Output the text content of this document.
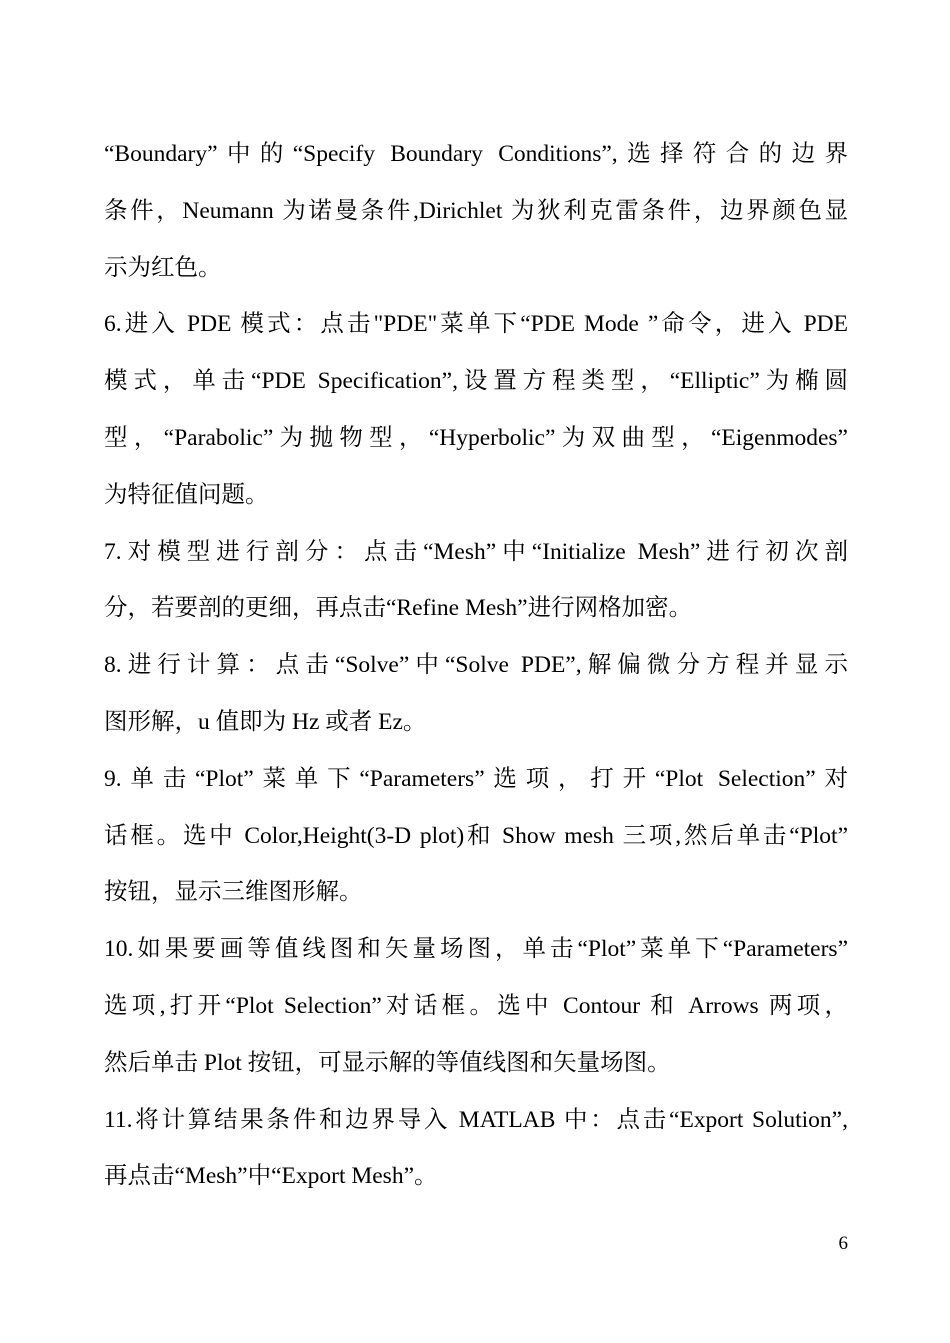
“Boundary”中的“Specify Boundary Conditions”,选择符合的边界
条件，Neumann 为诺曼条件,Dirichlet 为狄利克雷条件，边界颜色显
示为红色。
6.进入 PDE 模式：点击"PDE"菜单下“PDE Mode ”命令，进入 PDE
模式，单击“PDE Specification”,设置方程类型，“Elliptic”为椭圆
型，“Parabolic”为抛物型，“Hyperbolic”为双曲型，“Eigenmodes”
为特征值问题。
7.对模型进行剖分：点击“Mesh”中“Initialize Mesh”进行初次剖
分，若要剖的更细，再点击“Refine Mesh”进行网格加密。
8.进行计算：点击“Solve”中“Solve PDE”,解偏微分方程并显示
图形解，u 值即为 Hz 或者 Ez。
9.单击“Plot”菜单下“Parameters”选项，打开“Plot Selection”对
话框。选中 Color,Height(3-D plot)和 Show mesh 三项,然后单击“Plot”
按钮，显示三维图形解。
10.如果要画等值线图和矢量场图，单击“Plot”菜单下“Parameters”
选项,打开“Plot Selection”对话框。选中 Contour 和 Arrows 两项，
然后单击 Plot 按钮，可显示解的等值线图和矢量场图。
11.将计算结果条件和边界导入 MATLAB 中：点击“Export Solution”,
再点击“Mesh”中“Export Mesh”。
6
